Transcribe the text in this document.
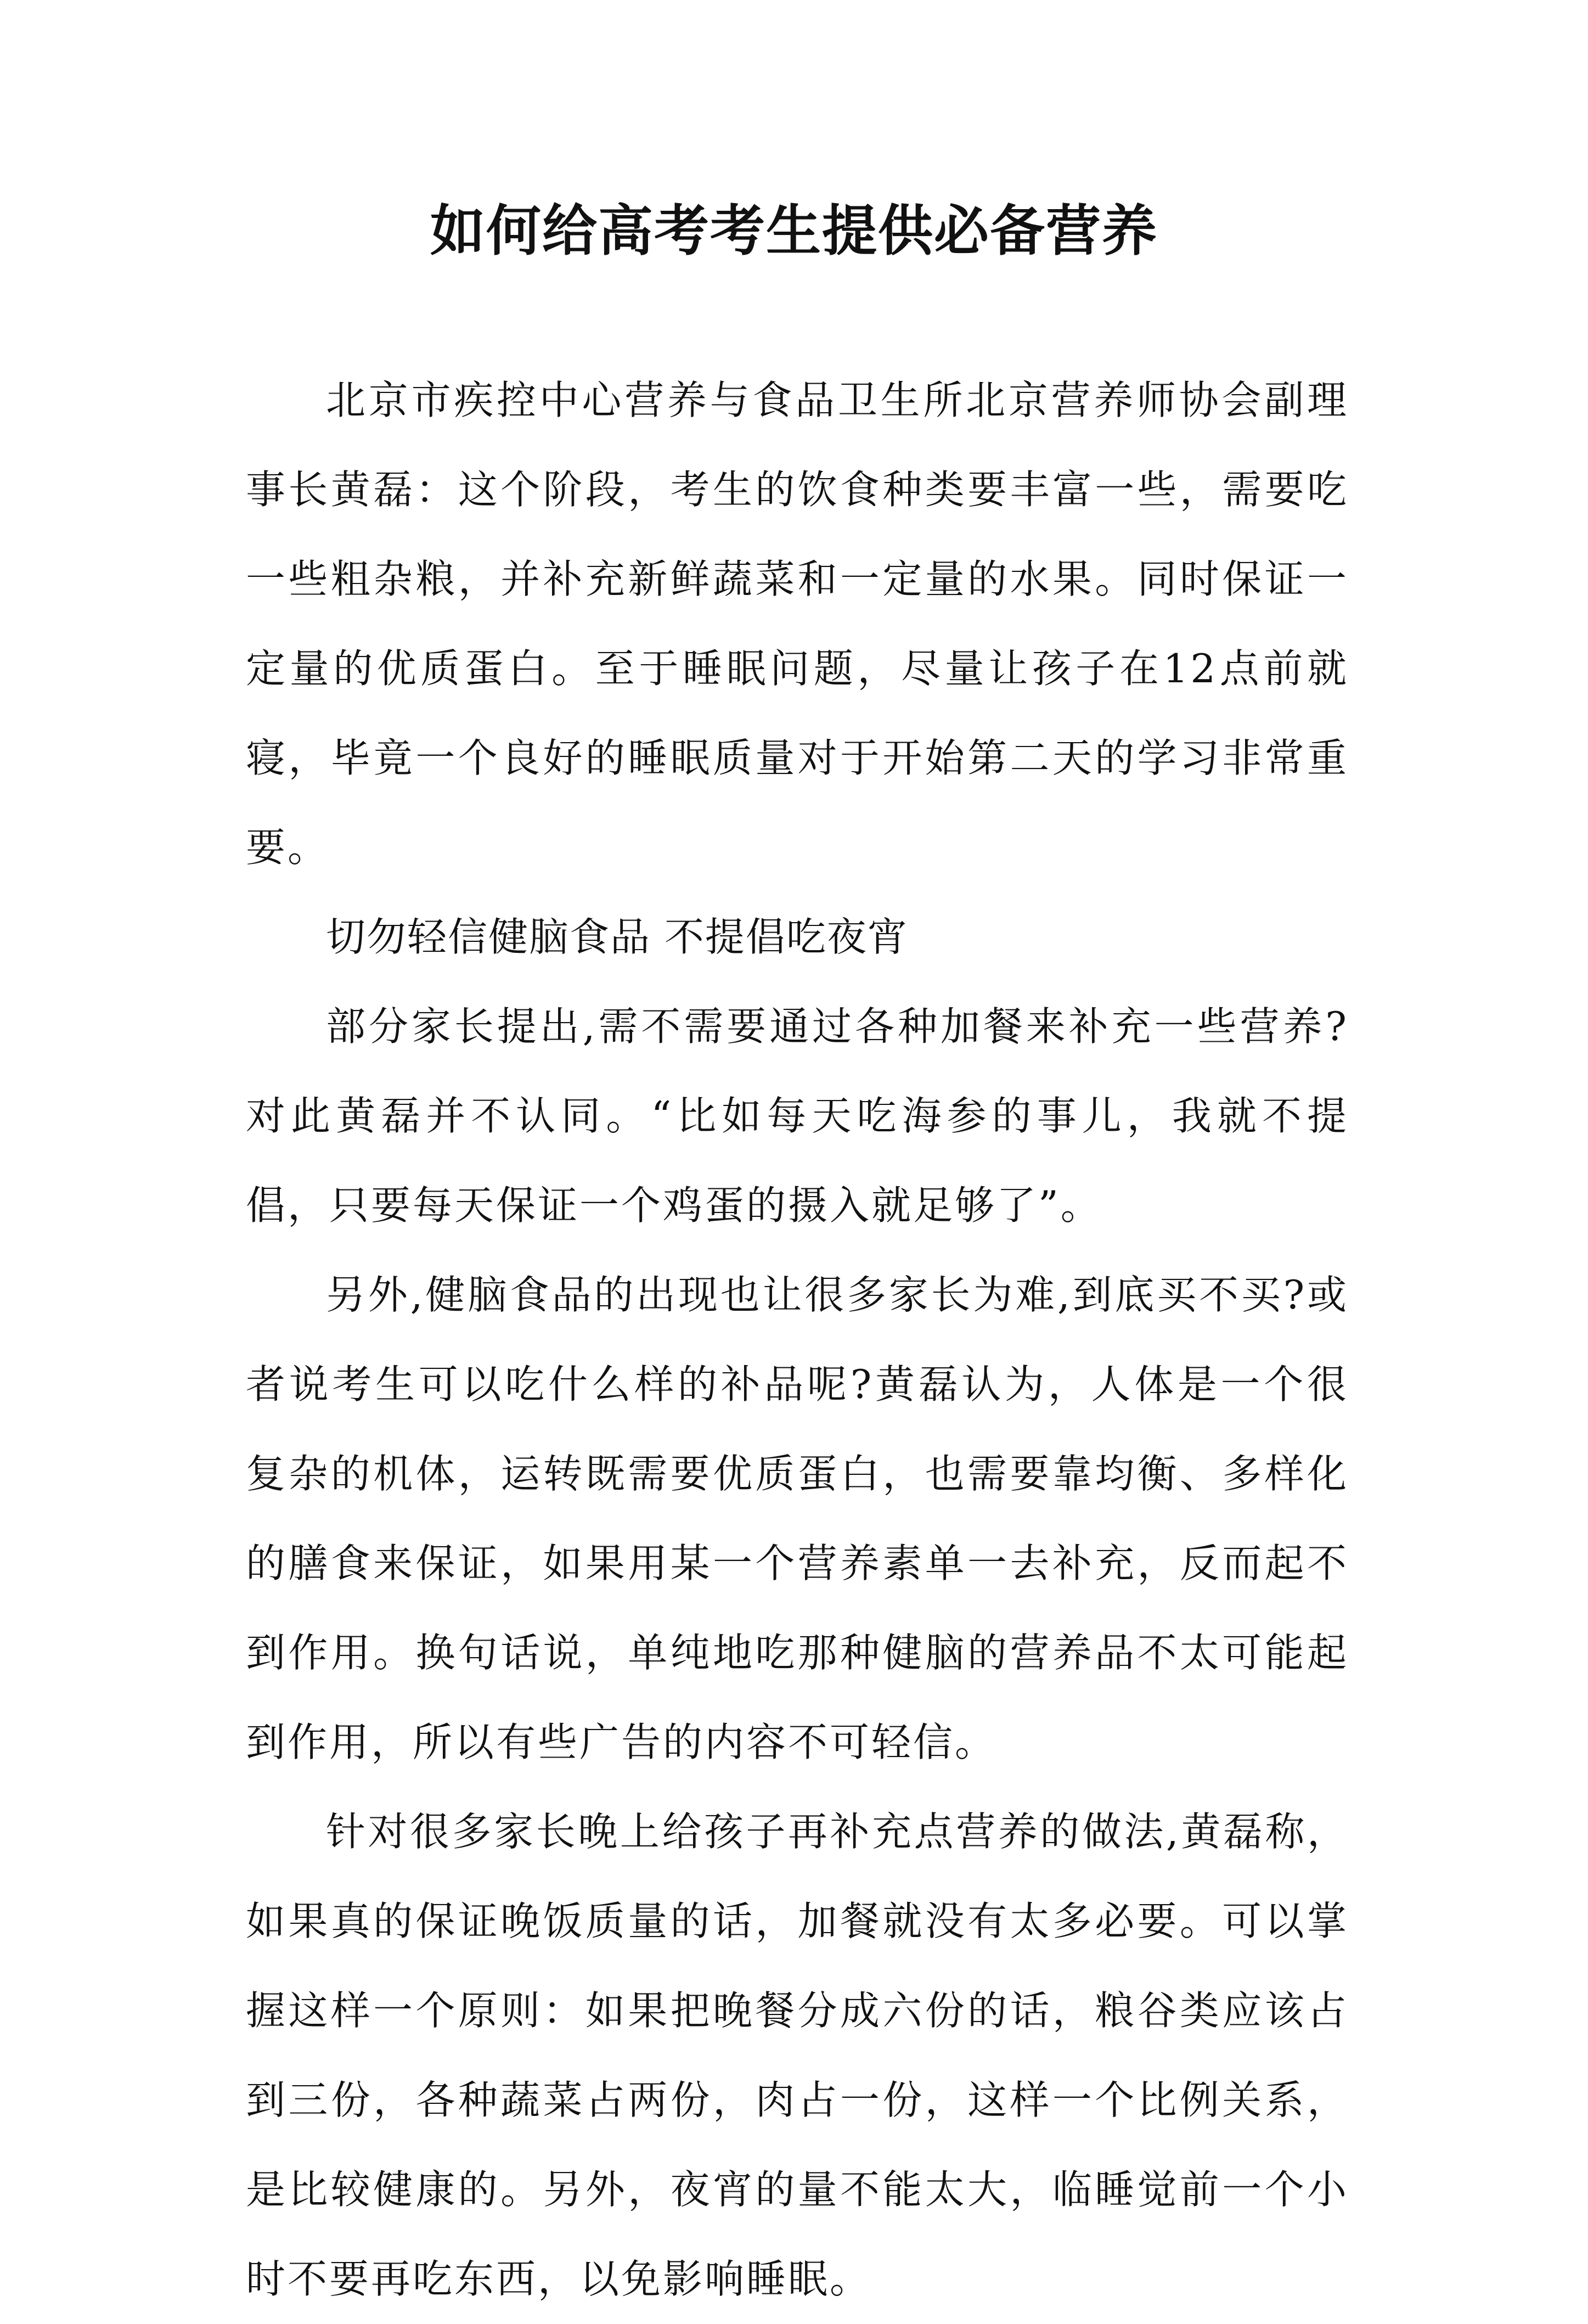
如何给高考考生提供必备营养

北京市疾控中心营养与食品卫生所北京营养师协会副理事长黄磊：这个阶段，考生的饮食种类要丰富一些，需要吃一些粗杂粮，并补充新鲜蔬菜和一定量的水果。同时保证一定量的优质蛋白。至于睡眠问题，尽量让孩子在12点前就寝，毕竟一个良好的睡眠质量对于开始第二天的学习非常重要。

切勿轻信健脑食品 不提倡吃夜宵

部分家长提出,需不需要通过各种加餐来补充一些营养?对此黄磊并不认同。“比如每天吃海参的事儿，我就不提倡，只要每天保证一个鸡蛋的摄入就足够了”。

另外,健脑食品的出现也让很多家长为难,到底买不买?或者说考生可以吃什么样的补品呢?黄磊认为，人体是一个很复杂的机体，运转既需要优质蛋白，也需要靠均衡、多样化的膳食来保证，如果用某一个营养素单一去补充，反而起不到作用。换句话说，单纯地吃那种健脑的营养品不太可能起到作用，所以有些广告的内容不可轻信。

针对很多家长晚上给孩子再补充点营养的做法,黄磊称，如果真的保证晚饭质量的话，加餐就没有太多必要。可以掌握这样一个原则：如果把晚餐分成六份的话，粮谷类应该占到三份，各种蔬菜占两份，肉占一份，这样一个比例关系，是比较健康的。另外，夜宵的量不能太大，临睡觉前一个小时不要再吃东西，以免影响睡眠。
